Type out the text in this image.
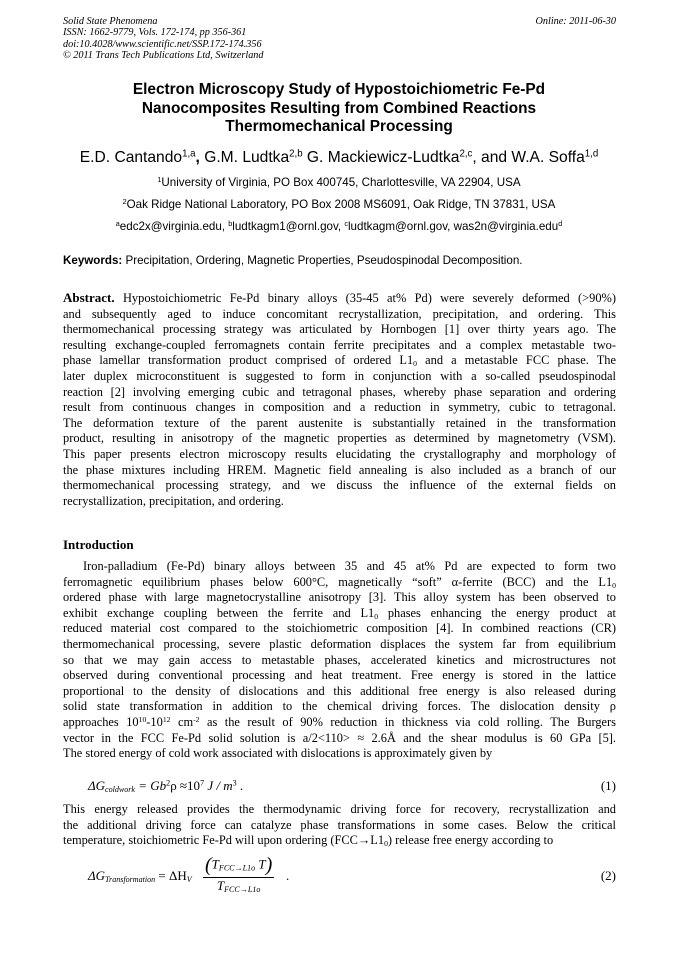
Solid State Phenomena
ISSN: 1662-9779, Vols. 172-174, pp 356-361
doi:10.4028/www.scientific.net/SSP.172-174.356
© 2011 Trans Tech Publications Ltd, Switzerland
Online: 2011-06-30
Electron Microscopy Study of Hypostoichiometric Fe-Pd
Nanocomposites Resulting from Combined Reactions
Thermomechanical Processing
E.D. Cantando$^{1,a}$, G.M. Ludtka$^{2,b}$ G. Mackiewicz-Ludtka$^{2,c}$, and W.A. Soffa$^{1,d}$
$^1$University of Virginia, PO Box 400745, Charlottesville, VA 22904, USA
$^2$Oak Ridge National Laboratory, PO Box 2008 MS6091, Oak Ridge, TN 37831, USA
$^a$edc2x@virginia.edu, $^b$ludtkagm1@ornl.gov, $^c$ludtkagm@ornl.gov, was2n@virginia.edu$^d$
Keywords: Precipitation, Ordering, Magnetic Properties, Pseudospinodal Decomposition.
Abstract. Hypostoichiometric Fe-Pd binary alloys (35-45 at% Pd) were severely deformed (>90%)
and subsequently aged to induce concomitant recrystallization, precipitation, and ordering. This
thermomechanical processing strategy was articulated by Hornbogen [1] over thirty years ago. The
resulting exchange-coupled ferromagnets contain ferrite precipitates and a complex metastable two-
phase lamellar transformation product comprised of ordered $L1_0$ and a metastable FCC phase. The
later duplex microconstituent is suggested to form in conjunction with a so-called pseudospinodal
reaction [2] involving emerging cubic and tetragonal phases, whereby phase separation and ordering
result from continuous changes in composition and a reduction in symmetry, cubic to tetragonal.
The deformation texture of the parent austenite is substantially retained in the transformation
product, resulting in anisotropy of the magnetic properties as determined by magnetometry (VSM).
This paper presents electron microscopy results elucidating the crystallography and morphology of
the phase mixtures including HREM. Magnetic field annealing is also included as a branch of our
thermomechanical processing strategy, and we discuss the influence of the external fields on
recrystallization, precipitation, and ordering.
Introduction
Iron-palladium (Fe-Pd) binary alloys between 35 and 45 at% Pd are expected to form two
ferromagnetic equilibrium phases below 600°C, magnetically “soft” α-ferrite (BCC) and the $L1_0$
ordered phase with large magnetocrystalline anisotropy [3]. This alloy system has been observed to
exhibit exchange coupling between the ferrite and $L1_0$ phases enhancing the energy product at
reduced material cost compared to the stoichiometric composition [4]. In combined reactions (CR)
thermomechanical processing, severe plastic deformation displaces the system far from equilibrium
so that we may gain access to metastable phases, accelerated kinetics and microstructures not
observed during conventional processing and heat treatment. Free energy is stored in the lattice
proportional to the density of dislocations and this additional free energy is also released during
solid state transformation in addition to the chemical driving forces. The dislocation density ρ
approaches $10^{10}-10^{12}$ $cm^{-2}$ as the result of 90% reduction in thickness via cold rolling. The Burgers
vector in the FCC Fe-Pd solid solution is a/2<110> ≈ 2.6Å and the shear modulus is 60 GPa [5].
The stored energy of cold work associated with dislocations is approximately given by
$\Delta G_{coldwork} = Gb^2\rho \approx 10^7$ J / $m^3$ .	(1)
This energy released provides the thermodynamic driving force for recovery, recrystallization and
the additional driving force can catalyze phase transformations in some cases. Below the critical
temperature, stoichiometric Fe-Pd will upon ordering $(FCC\to L1_0)$ release free energy according to
$\Delta G_{Transformation} = \Delta H_V$
($T_{FCC\to L1o}$ T)
$T_{FCC\to L1o}$
.	(2)
